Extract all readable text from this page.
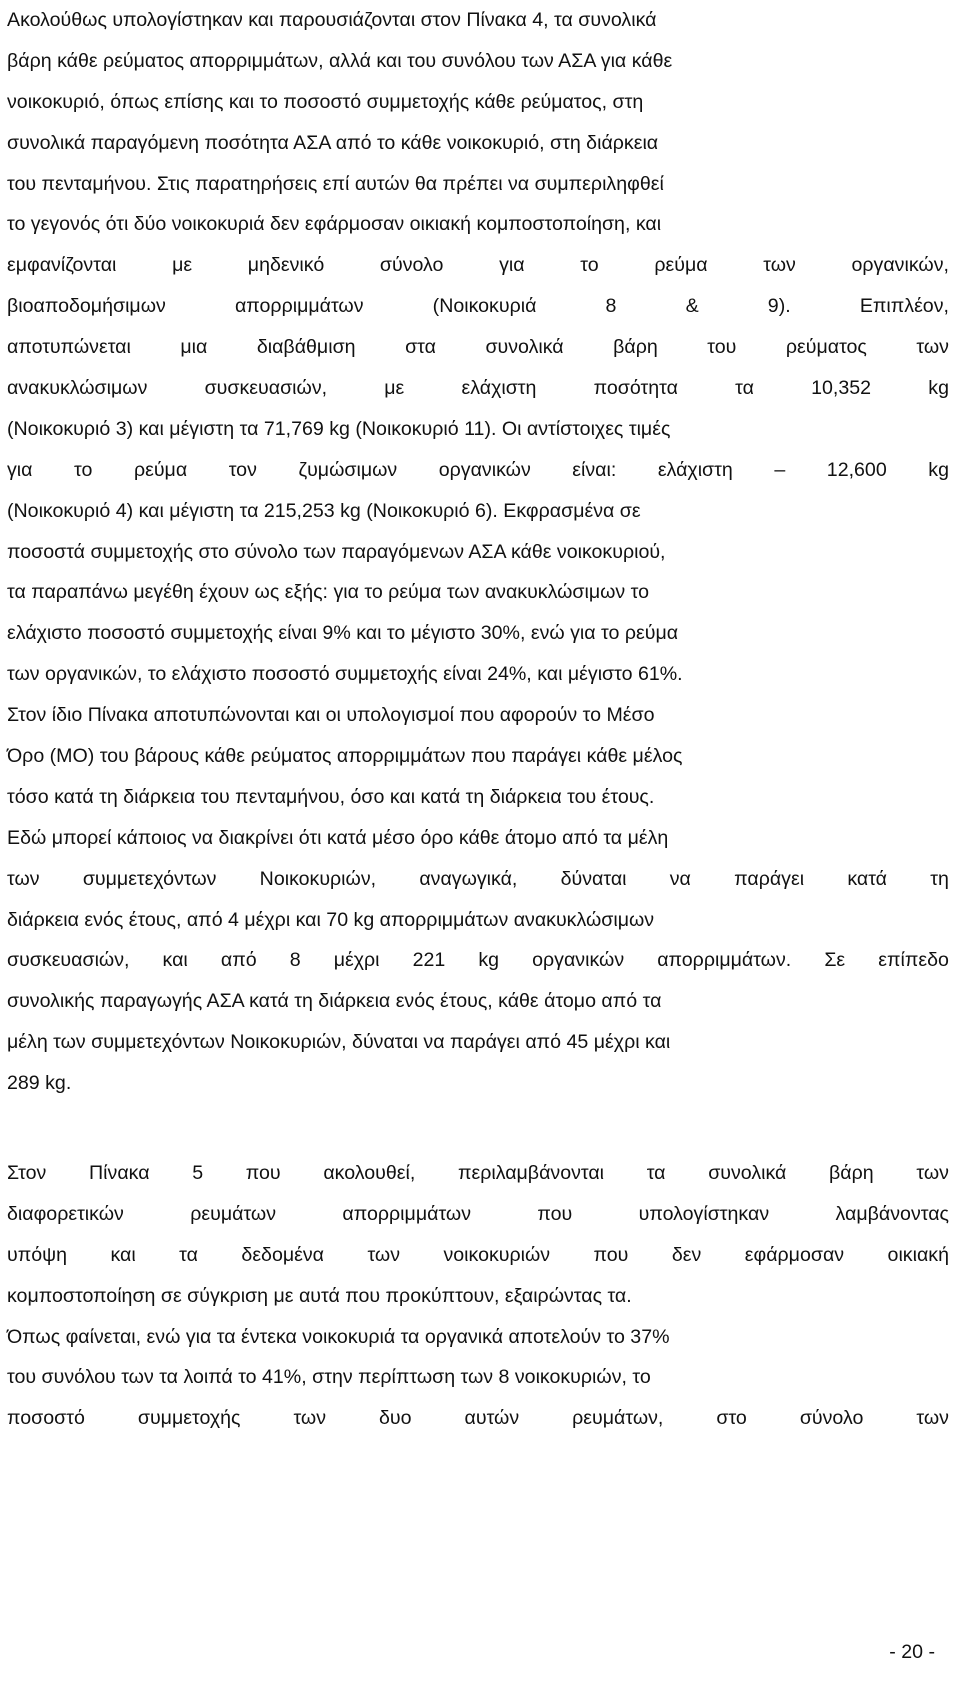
Ακολούθως υπολογίστηκαν και παρουσιάζονται στον Πίνακα 4, τα συνολικά
βάρη κάθε ρεύματος απορριμμάτων, αλλά και του συνόλου των ΑΣΑ για κάθε
νοικοκυριό, όπως επίσης και το ποσοστό συμμετοχής κάθε ρεύματος, στη
συνολικά παραγόμενη ποσότητα ΑΣΑ από το κάθε νοικοκυριό, στη διάρκεια
του πενταμήνου. Στις παρατηρήσεις επί αυτών θα πρέπει να συμπεριληφθεί
το γεγονός ότι δύο νοικοκυριά δεν εφάρμοσαν οικιακή κομποστοποίηση, και
εμφανίζονται	με	μηδενικό	σύνολο	για	το	ρεύμα	των	οργανικών,
βιοαποδομήσιμων	απορριμμάτων	(Νοικοκυριά	8	&	9).	Επιπλέον,
αποτυπώνεται	μια	διαβάθμιση	στα	συνολικά	βάρη	του	ρεύματος	των
ανακυκλώσιμων	συσκευασιών,	με	ελάχιστη	ποσότητα	τα	10,352	kg
(Νοικοκυριό 3) και μέγιστη τα 71,769 kg (Νοικοκυριό 11). Οι αντίστοιχες τιμές
για το ρεύμα τον ζυμώσιμων οργανικών είναι: ελάχιστη – 12,600 kg
(Νοικοκυριό 4) και μέγιστη τα 215,253 kg (Νοικοκυριό 6). Εκφρασμένα σε
ποσοστά συμμετοχής στο σύνολο των παραγόμενων ΑΣΑ κάθε νοικοκυριού,
τα παραπάνω μεγέθη έχουν ως εξής: για το ρεύμα των ανακυκλώσιμων το
ελάχιστο ποσοστό συμμετοχής είναι 9% και το μέγιστο 30%, ενώ για το ρεύμα
των οργανικών, το ελάχιστο ποσοστό συμμετοχής είναι 24%, και μέγιστο 61%.
Στον ίδιο Πίνακα αποτυπώνονται και οι υπολογισμοί που αφορούν το Μέσο
Όρο (ΜΟ) του βάρους κάθε ρεύματος απορριμμάτων που παράγει κάθε μέλος
τόσο κατά τη διάρκεια του πενταμήνου, όσο και κατά τη διάρκεια του έτους.
Εδώ μπορεί κάποιος να διακρίνει ότι κατά μέσο όρο κάθε άτομο από τα μέλη
των συμμετεχόντων Νοικοκυριών, αναγωγικά, δύναται να παράγει κατά τη
διάρκεια ενός έτους, από 4 μέχρι και 70 kg απορριμμάτων ανακυκλώσιμων
συσκευασιών, και από 8 μέχρι 221 kg οργανικών απορριμμάτων. Σε επίπεδο
συνολικής παραγωγής ΑΣΑ κατά τη διάρκεια ενός έτους, κάθε άτομο από τα
μέλη των συμμετεχόντων Νοικοκυριών, δύναται να παράγει από 45 μέχρι και
289 kg.
Στον Πίνακα 5 που ακολουθεί, περιλαμβάνονται τα συνολικά βάρη των
διαφορετικών	ρευμάτων	απορριμμάτων	που	υπολογίστηκαν	λαμβάνοντας
υπόψη και τα δεδομένα των νοικοκυριών που δεν εφάρμοσαν οικιακή
κομποστοποίηση σε σύγκριση με αυτά που προκύπτουν, εξαιρώντας τα.
Όπως φαίνεται, ενώ για τα έντεκα νοικοκυριά τα οργανικά αποτελούν το 37%
του συνόλου των τα λοιπά το 41%, στην περίπτωση των 8 νοικοκυριών, το
ποσοστό	συμμετοχής	των	δυο	αυτών	ρευμάτων,	στο	σύνολο	των
- 20 -
